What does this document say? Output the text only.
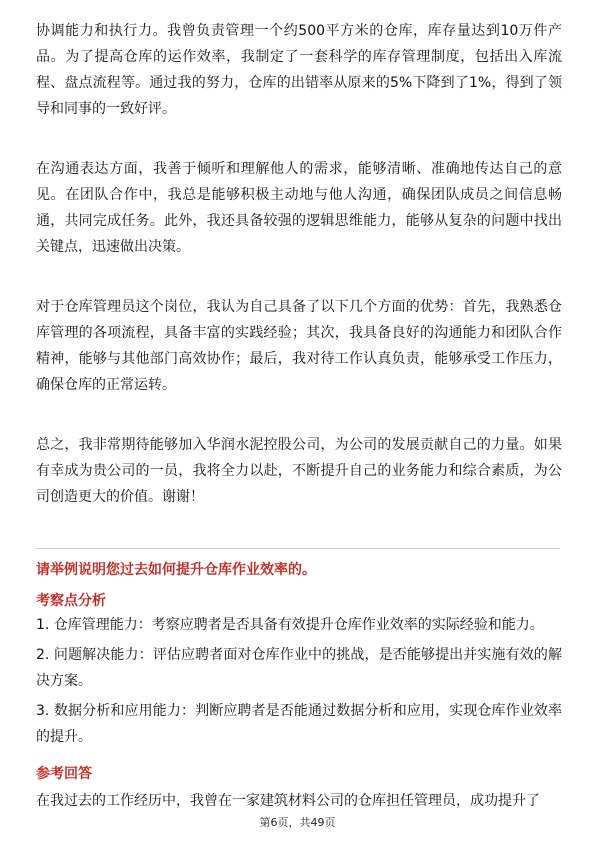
协调能力和执行力。我曾负责管理一个约500平方米的仓库，库存量达到10万件产品。为了提高仓库的运作效率，我制定了一套科学的库存管理制度，包括出入库流程、盘点流程等。通过我的努力，仓库的出错率从原来的5%下降到了1%，得到了领导和同事的一致好评。

在沟通表达方面，我善于倾听和理解他人的需求，能够清晰、准确地传达自己的意见。在团队合作中，我总是能够积极主动地与他人沟通，确保团队成员之间信息畅通，共同完成任务。此外，我还具备较强的逻辑思维能力，能够从复杂的问题中找出关键点，迅速做出决策。

对于仓库管理员这个岗位，我认为自己具备了以下几个方面的优势：首先，我熟悉仓库管理的各项流程，具备丰富的实践经验；其次，我具备良好的沟通能力和团队合作精神，能够与其他部门高效协作；最后，我对待工作认真负责，能够承受工作压力，确保仓库的正常运转。

总之，我非常期待能够加入华润水泥控股公司，为公司的发展贡献自己的力量。如果有幸成为贵公司的一员，我将全力以赴，不断提升自己的业务能力和综合素质，为公司创造更大的价值。谢谢！

请举例说明您过去如何提升仓库作业效率的。

考察点分析

1. 仓库管理能力：考察应聘者是否具备有效提升仓库作业效率的实际经验和能力。
2. 问题解决能力：评估应聘者面对仓库作业中的挑战，是否能够提出并实施有效的解决方案。
3. 数据分析和应用能力：判断应聘者是否能通过数据分析和应用，实现仓库作业效率的提升。

参考回答

在我过去的工作经历中，我曾在一家建筑材料公司的仓库担任管理员，成功提升了

第6页，共49页
